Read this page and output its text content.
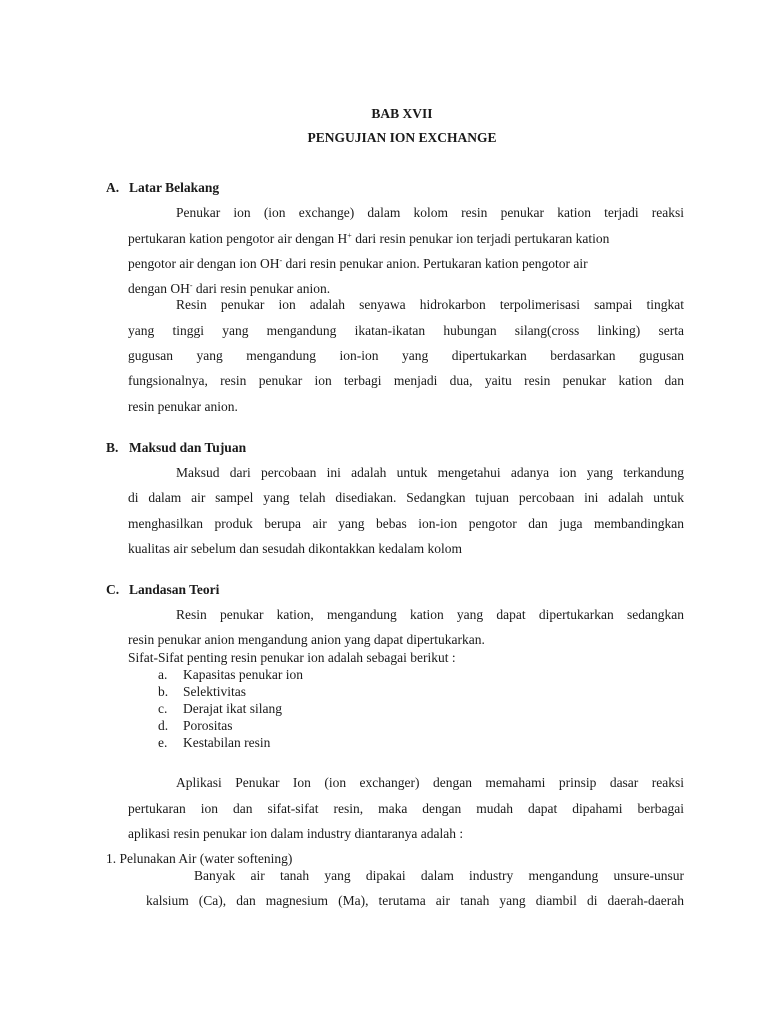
BAB XVII
PENGUJIAN ION EXCHANGE
A. Latar Belakang
Penukar ion (ion exchange) dalam kolom resin penukar kation terjadi reaksi
pertukaran kation pengotor air dengan H+ dari resin penukar ion terjadi pertukaran kation
pengotor air dengan ion OH- dari resin penukar anion. Pertukaran kation pengotor air
dengan OH- dari resin penukar anion.
Resin penukar ion adalah senyawa hidrokarbon terpolimerisasi sampai tingkat
yang tinggi yang mengandung ikatan-ikatan hubungan silang(cross linking) serta
gugusan yang mengandung ion-ion yang dipertukarkan berdasarkan gugusan
fungsionalnya, resin penukar ion terbagi menjadi dua, yaitu resin penukar kation dan
resin penukar anion.
B. Maksud dan Tujuan
Maksud dari percobaan ini adalah untuk mengetahui adanya ion yang terkandung
di dalam air sampel yang telah disediakan. Sedangkan tujuan percobaan ini adalah untuk
menghasilkan produk berupa air yang bebas ion-ion pengotor dan juga membandingkan
kualitas air sebelum dan sesudah dikontakkan kedalam kolom
C. Landasan Teori
Resin penukar kation, mengandung kation yang dapat dipertukarkan sedangkan
resin penukar anion mengandung anion yang dapat dipertukarkan.
Sifat-Sifat penting resin penukar ion adalah sebagai berikut :
a. Kapasitas penukar ion
b. Selektivitas
c. Derajat ikat silang
d. Porositas
e. Kestabilan resin
Aplikasi Penukar Ion (ion exchanger) dengan memahami prinsip dasar reaksi
pertukaran ion dan sifat-sifat resin, maka dengan mudah dapat dipahami berbagai
aplikasi resin penukar ion dalam industry diantaranya adalah :
1. Pelunakan Air (water softening)
Banyak air tanah yang dipakai dalam industry mengandung unsure-unsur
kalsium (Ca), dan magnesium (Ma), terutama air tanah yang diambil di daerah-daerah
